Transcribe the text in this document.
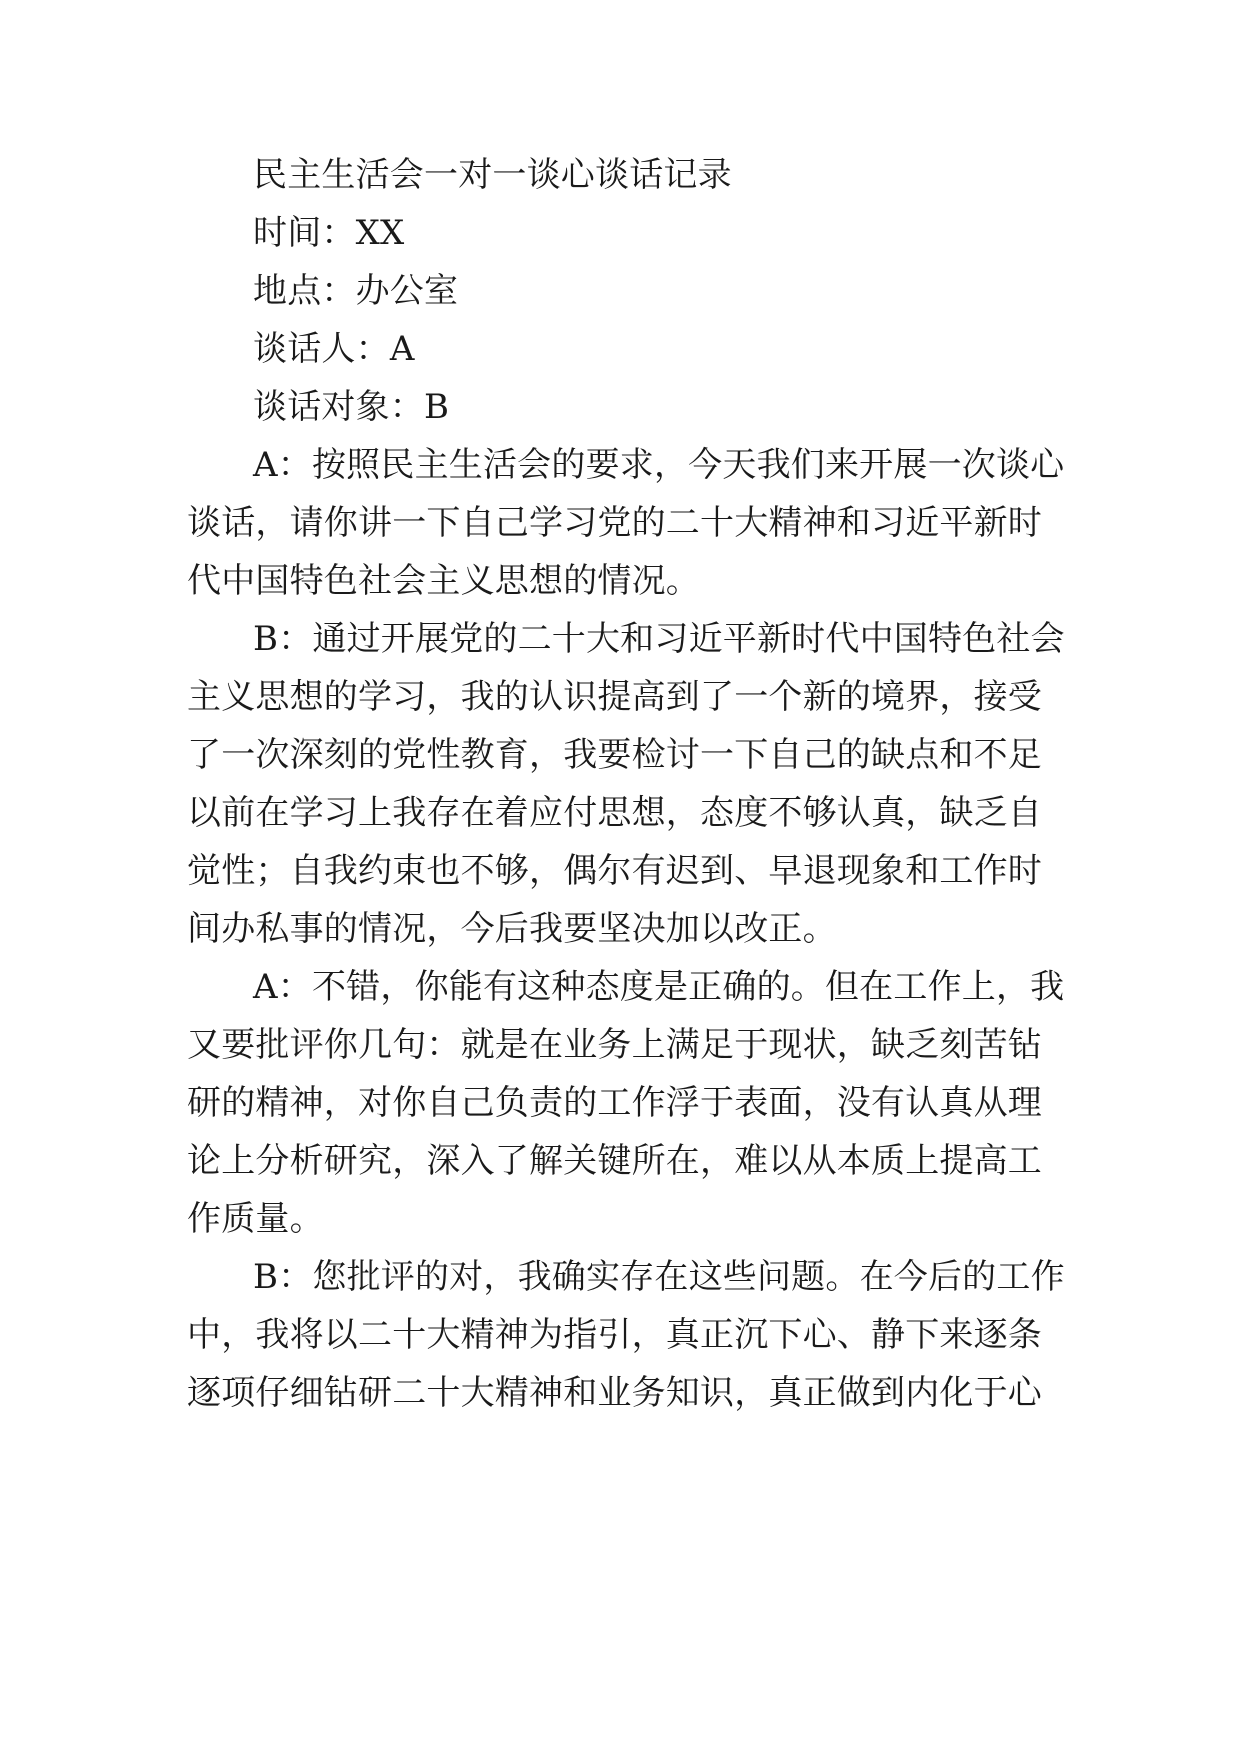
民主生活会一对一谈心谈话记录
时间：XX
地点：办公室
谈话人：A
谈话对象：B
A：按照民主生活会的要求，今天我们来开展一次谈心
谈话，请你讲一下自己学习党的二十大精神和习近平新时
代中国特色社会主义思想的情况。
B：通过开展党的二十大和习近平新时代中国特色社会
主义思想的学习，我的认识提高到了一个新的境界，接受
了一次深刻的党性教育，我要检讨一下自己的缺点和不足
以前在学习上我存在着应付思想，态度不够认真，缺乏自
觉性；自我约束也不够，偶尔有迟到、早退现象和工作时
间办私事的情况，今后我要坚决加以改正。
A：不错，你能有这种态度是正确的。但在工作上，我
又要批评你几句：就是在业务上满足于现状，缺乏刻苦钻
研的精神，对你自己负责的工作浮于表面，没有认真从理
论上分析研究，深入了解关键所在，难以从本质上提高工
作质量。
B：您批评的对，我确实存在这些问题。在今后的工作
中，我将以二十大精神为指引，真正沉下心、静下来逐条
逐项仔细钻研二十大精神和业务知识，真正做到内化于心
